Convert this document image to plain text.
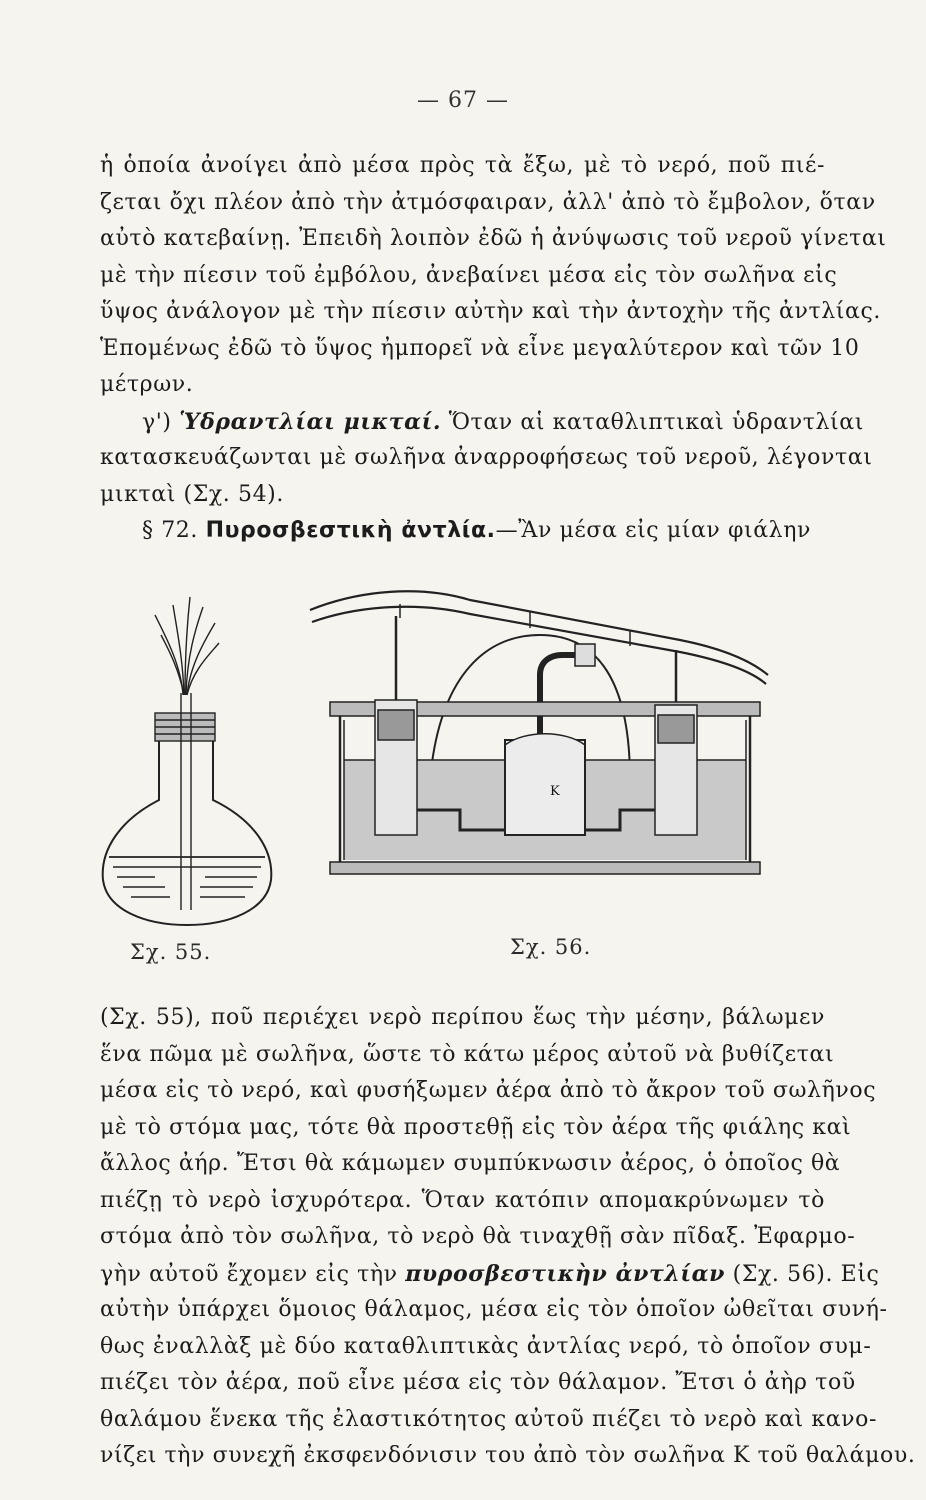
— 67 —
ἡ ὁποία ἀνοίγει ἀπὸ μέσα πρὸς τὰ ἔξω, μὲ τὸ νερό, ποῦ πιέ-
ζεται ὄχι πλέον ἀπὸ τὴν ἀτμόσφαιραν, ἀλλ' ἀπὸ τὸ ἔμβολον, ὅταν
αὐτὸ κατεβαίνῃ. Ἐπειδὴ λοιπὸν ἐδῶ ἡ ἀνύψωσις τοῦ νεροῦ γίνεται
μὲ τὴν πίεσιν τοῦ ἐμβόλου, ἀνεβαίνει μέσα εἰς τὸν σωλῆνα εἰς
ὕψος ἀνάλογον μὲ τὴν πίεσιν αὐτὴν καὶ τὴν ἀντοχὴν τῆς ἀντλίας.
Ἑπομένως ἐδῶ τὸ ὕψος ἠμπορεῖ νὰ εἶνε μεγαλύτερον καὶ τῶν 10
μέτρων.
γ') Ὑδραντλίαι μικταί. Ὅταν αἱ καταθλιπτικαὶ ὑδραντλίαι
κατασκευάζωνται μὲ σωλῆνα ἀναρροφήσεως τοῦ νεροῦ, λέγονται
μικταὶ (Σχ. 54).
§ 72. Πυροσβεστικὴ ἀντλία.—Ἂν μέσα εἰς μίαν φιάλην
K
Σχ. 55.	Σχ. 56.
(Σχ. 55), ποῦ περιέχει νερὸ περίπου ἕως τὴν μέσην, βάλωμεν
ἕνα πῶμα μὲ σωλῆνα, ὥστε τὸ κάτω μέρος αὐτοῦ νὰ βυθίζεται
μέσα εἰς τὸ νερό, καὶ φυσήξωμεν ἀέρα ἀπὸ τὸ ἄκρον τοῦ σωλῆνος
μὲ τὸ στόμα μας, τότε θὰ προστεθῇ εἰς τὸν ἀέρα τῆς φιάλης καὶ
ἄλλος ἀήρ. Ἔτσι θὰ κάμωμεν συμπύκνωσιν ἀέρος, ὁ ὁποῖος θὰ
πιέζῃ τὸ νερὸ ἰσχυρότερα. Ὅταν κατόπιν απομακρύνωμεν τὸ
στόμα ἀπὸ τὸν σωλῆνα, τὸ νερὸ θὰ τιναχθῇ σὰν πῖδαξ. Ἐφαρμο-
γὴν αὐτοῦ ἔχομεν εἰς τὴν πυροσβεστικὴν ἀντλίαν (Σχ. 56). Εἰς
αὐτὴν ὑπάρχει ὅμοιος θάλαμος, μέσα εἰς τὸν ὁποῖον ὠθεῖται συνή-
θως ἐναλλὰξ μὲ δύο καταθλιπτικὰς ἀντλίας νερό, τὸ ὁποῖον συμ-
πιέζει τὸν ἀέρα, ποῦ εἶνε μέσα εἰς τὸν θάλαμον. Ἔτσι ὁ ἀὴρ τοῦ
θαλάμου ἕνεκα τῆς ἐλαστικότητος αὐτοῦ πιέζει τὸ νερὸ καὶ κανο-
νίζει τὴν συνεχῆ ἐκσφενδόνισιν του ἀπὸ τὸν σωλῆνα K τοῦ θαλάμου.
